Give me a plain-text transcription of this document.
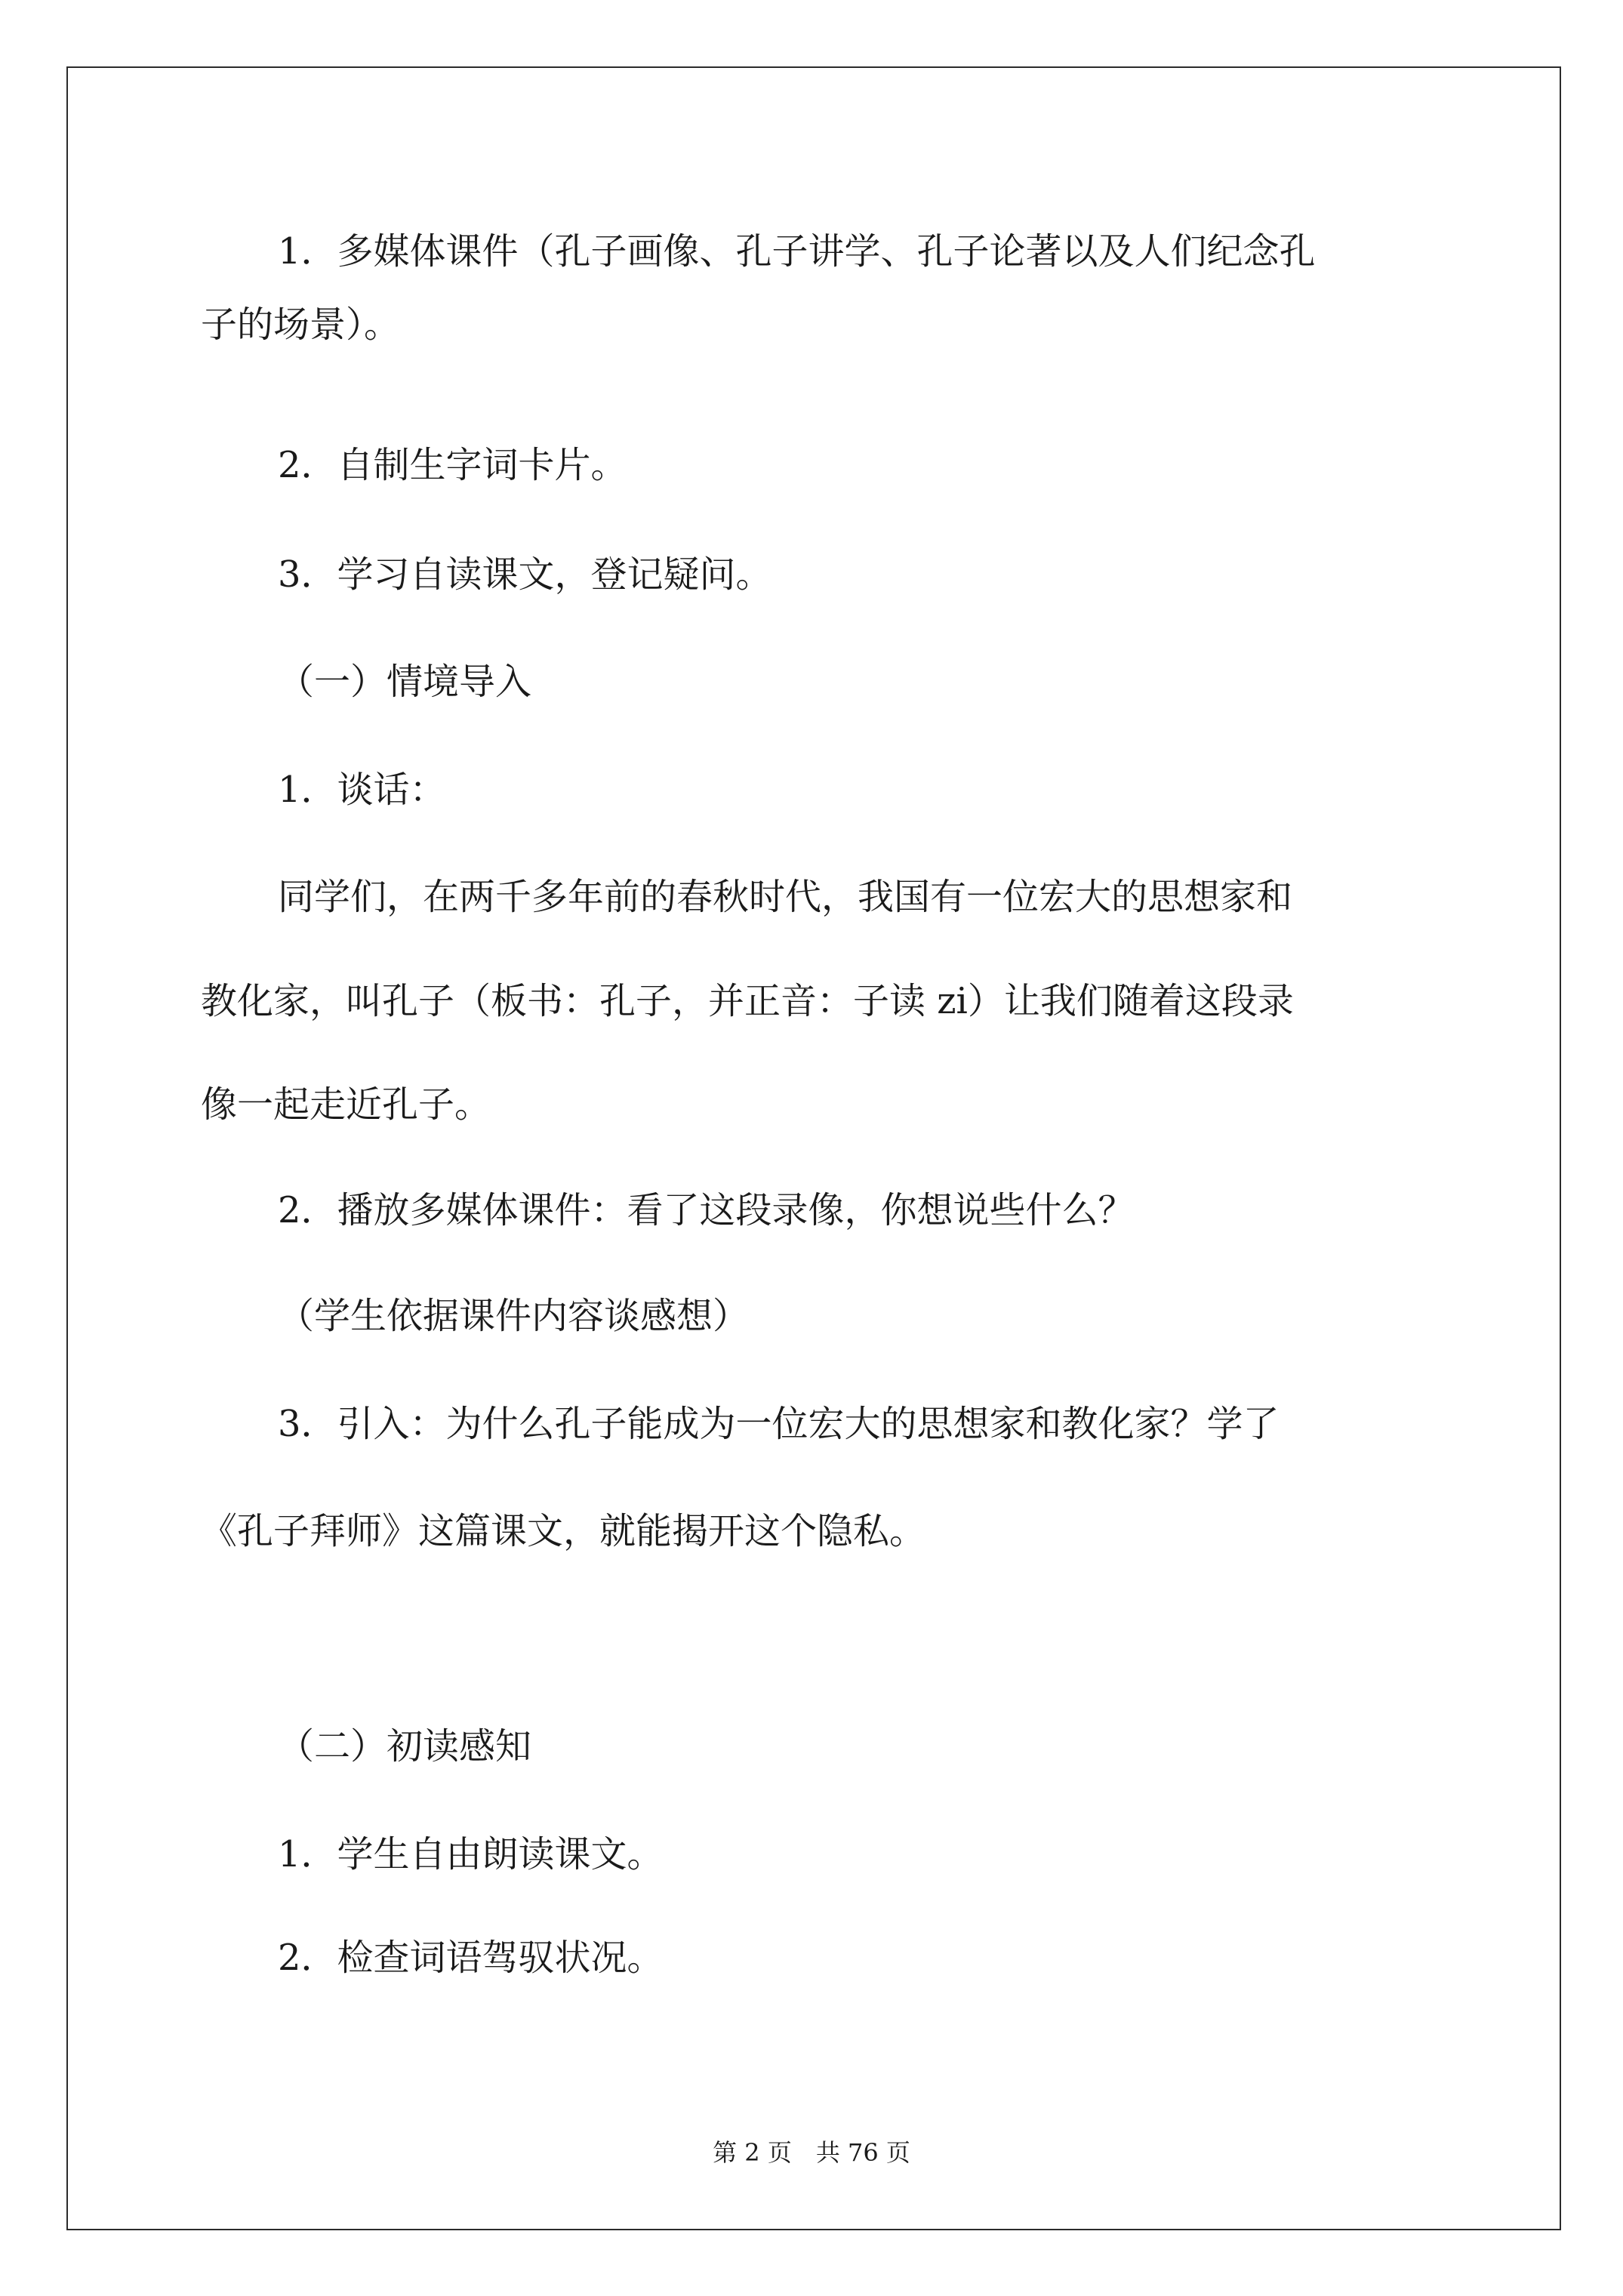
1．多媒体课件（孔子画像、孔子讲学、孔子论著以及人们纪念孔
子的场景）。
2．自制生字词卡片。
3．学习自读课文，登记疑问。
（一）情境导入
1．谈话：
同学们，在两千多年前的春秋时代，我国有一位宏大的思想家和
教化家，叫孔子（板书：孔子，并正音：子读 zi）让我们随着这段录
像一起走近孔子。
2．播放多媒体课件：看了这段录像，你想说些什么？
（学生依据课件内容谈感想）
3．引入：为什么孔子能成为一位宏大的思想家和教化家？学了
《孔子拜师》这篇课文，就能揭开这个隐私。
（二）初读感知
1．学生自由朗读课文。
2．检查词语驾驭状况。
第 2 页　共 76 页
